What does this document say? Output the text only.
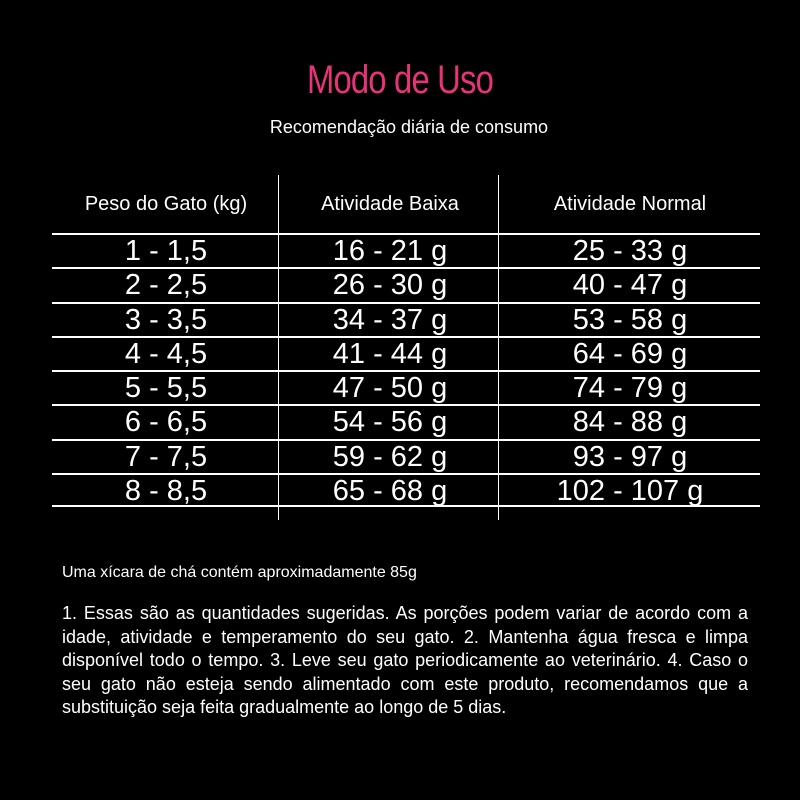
Modo de Uso
Recomendação diária de consumo
Peso do Gato (kg)	Atividade Baixa	Atividade Normal
1 - 1,5	16 - 21 g	25 - 33 g
2 - 2,5	26 - 30 g	40 - 47 g
3 - 3,5	34 - 37 g	53 - 58 g
4 - 4,5	41 - 44 g	64 - 69 g
5 - 5,5	47 - 50 g	74 - 79 g
6 - 6,5	54 - 56 g	84 - 88 g
7 - 7,5	59 - 62 g	93 - 97 g
8 - 8,5	65 - 68 g	102 - 107 g
Uma xícara de chá contém aproximadamente 85g
1. Essas são as quantidades sugeridas. As porções podem variar de acordo com a idade, atividade e temperamento do seu gato. 2. Mantenha água fresca e limpa disponível todo o tempo. 3. Leve seu gato periodicamente ao veterinário. 4. Caso o seu gato não esteja sendo alimentado com este produto, recomendamos que a substituição seja feita gradualmente ao longo de 5 dias.
